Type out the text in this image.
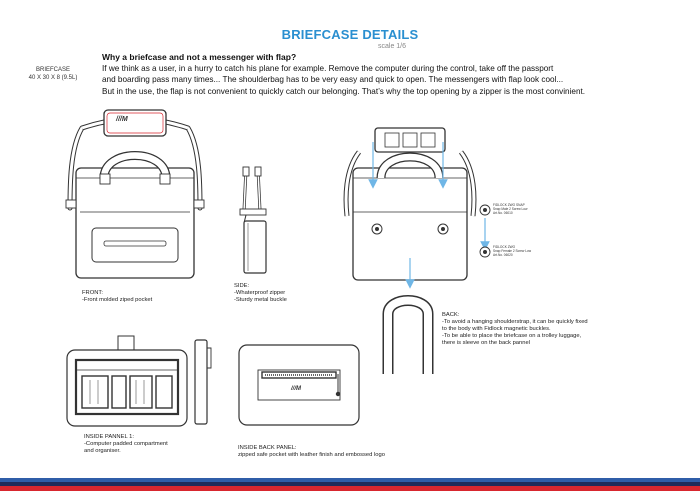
BRIEFCASE DETAILS
scale 1/6
BRIEFCASE
40 X 30 X 8 (9.5L)
Why a briefcase and not a messenger with flap?
If we think as a user, in a hurry to catch his plane for example. Remove the computer during the control, take off the passport
and boarding pass many times... The shoulderbag has to be very easy and quick to open. The messengers with flap look cool...
But in the use, the flap is not convenient to quickly catch our belonging. That’s why the top opening by a zipper is the most convinient.
///M
FRONT:
-Front molded ziped pocket
SIDE:
-Whaterproof zipper
-Sturdy metal buckle
FIDLOCK ZWO SNAP
Snap Male 2 Screw Low
Art.No. 06010
FIDLOCK ZWO
Snap Female 2 Screw Low
Art.No. 06020
BACK:
-To avoid a hanging shoulderstrap, it can be quickly fixed
to the body with Fidlock magnetic buckles.
-To be able to place the briefcase on a trolley luggage,
there is sleeve on the back pannel
INSIDE PANNEL 1:
-Computer padded compartment
and organiser.
///M
INSIDE BACK PANEL:
zipped safe pocket with leather finish and embossed logo
